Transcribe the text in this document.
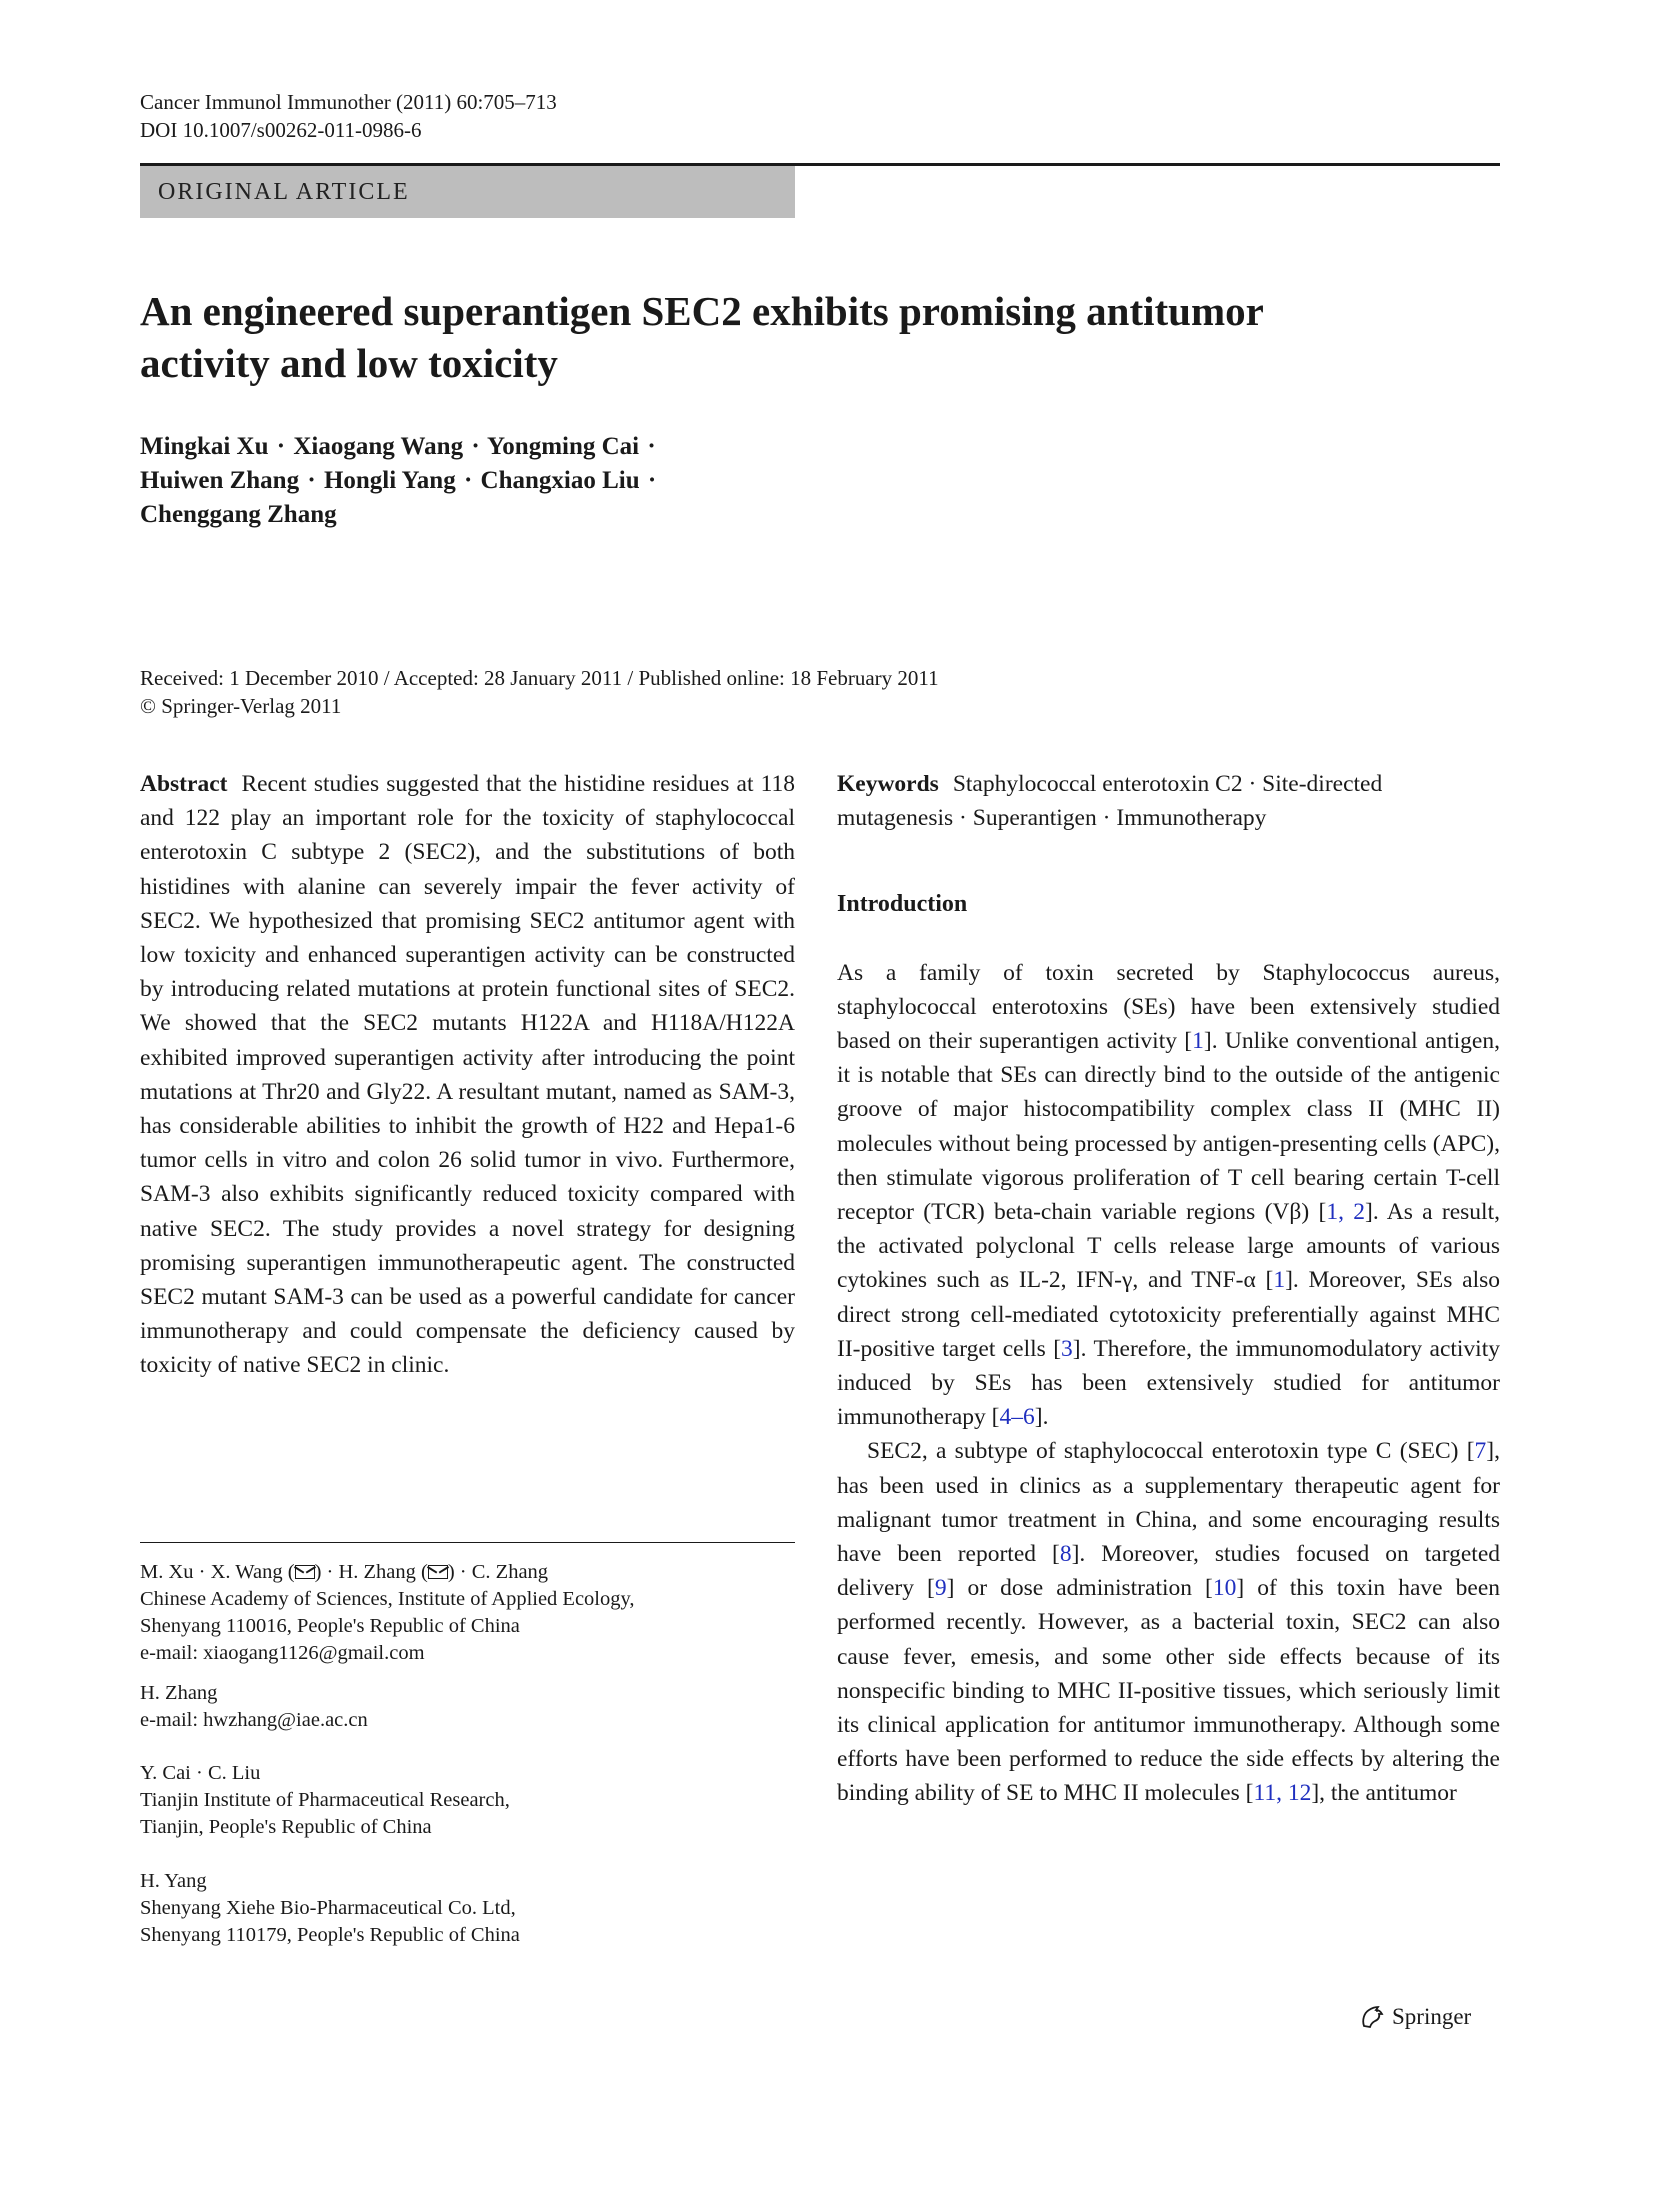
Cancer Immunol Immunother (2011) 60:705–713
DOI 10.1007/s00262-011-0986-6
ORIGINAL ARTICLE
An engineered superantigen SEC2 exhibits promising antitumor
activity and low toxicity
Mingkai Xu · Xiaogang Wang · Yongming Cai ·
Huiwen Zhang · Hongli Yang · Changxiao Liu ·
Chenggang Zhang
Received: 1 December 2010 / Accepted: 28 January 2011 / Published online: 18 February 2011
© Springer-Verlag 2011

Abstract Recent studies suggested that the histidine residues at 118 and 122 play an important role for the toxicity of staphylococcal enterotoxin C subtype 2 (SEC2), and the substitutions of both histidines with alanine can severely impair the fever activity of SEC2. We hypothesized that promising SEC2 antitumor agent with low toxicity and enhanced superantigen activity can be constructed by introducing related mutations at protein functional sites of SEC2. We showed that the SEC2 mutants H122A and H118A/H122A exhibited improved superantigen activity after introducing the point mutations at Thr20 and Gly22. A resultant mutant, named as SAM-3, has considerable abilities to inhibit the growth of H22 and Hepa1-6 tumor cells in vitro and colon 26 solid tumor in vivo. Furthermore, SAM-3 also exhibits significantly reduced toxicity compared with native SEC2. The study provides a novel strategy for designing promising superantigen immunotherapeutic agent. The constructed SEC2 mutant SAM-3 can be used as a powerful candidate for cancer immunotherapy and could compensate the deficiency caused by toxicity of native SEC2 in clinic.

M. Xu · X. Wang ( ) · H. Zhang ( ) · C. Zhang
Chinese Academy of Sciences, Institute of Applied Ecology,
Shenyang 110016, People's Republic of China
e-mail: xiaogang1126@gmail.com
H. Zhang
e-mail: hwzhang@iae.ac.cn
Y. Cai · C. Liu
Tianjin Institute of Pharmaceutical Research,
Tianjin, People's Republic of China
H. Yang
Shenyang Xiehe Bio-Pharmaceutical Co. Ltd,
Shenyang 110179, People's Republic of China

Keywords Staphylococcal enterotoxin C2 · Site-directed mutagenesis · Superantigen · Immunotherapy

Introduction

As a family of toxin secreted by Staphylococcus aureus, staphylococcal enterotoxins (SEs) have been extensively studied based on their superantigen activity [1]. Unlike conventional antigen, it is notable that SEs can directly bind to the outside of the antigenic groove of major histocompatibility complex class II (MHC II) molecules without being processed by antigen-presenting cells (APC), then stimulate vigorous proliferation of T cell bearing certain T-cell receptor (TCR) beta-chain variable regions (Vβ) [1, 2]. As a result, the activated polyclonal T cells release large amounts of various cytokines such as IL-2, IFN-γ, and TNF-α [1]. Moreover, SEs also direct strong cell-mediated cytotoxicity preferentially against MHC II-positive target cells [3]. Therefore, the immunomodulatory activity induced by SEs has been extensively studied for antitumor immunotherapy [4–6].

SEC2, a subtype of staphylococcal enterotoxin type C (SEC) [7], has been used in clinics as a supplementary therapeutic agent for malignant tumor treatment in China, and some encouraging results have been reported [8]. Moreover, studies focused on targeted delivery [9] or dose administration [10] of this toxin have been performed recently. However, as a bacterial toxin, SEC2 can also cause fever, emesis, and some other side effects because of its nonspecific binding to MHC II-positive tissues, which seriously limit its clinical application for antitumor immunotherapy. Although some efforts have been performed to reduce the side effects by altering the binding ability of SE to MHC II molecules [11, 12], the antitumor

Springer
